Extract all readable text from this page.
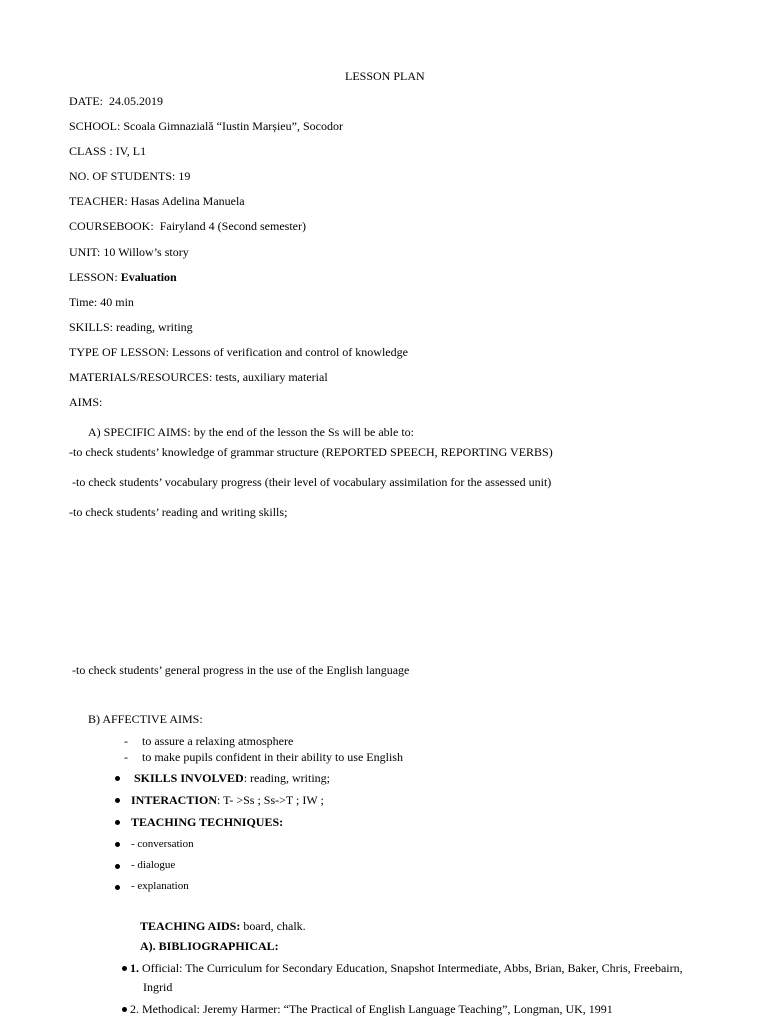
LESSON PLAN
DATE: 24.05.2019
SCHOOL: Scoala Gimnazială “Iustin Marșieu”, Socodor
CLASS : IV, L1
NO. OF STUDENTS: 19
TEACHER: Hasas Adelina Manuela
COURSEBOOK: Fairyland 4 (Second semester)
UNIT: 10 Willow’s story
LESSON: Evaluation
Time: 40 min
SKILLS: reading, writing
TYPE OF LESSON: Lessons of verification and control of knowledge
MATERIALS/RESOURCES: tests, auxiliary material
AIMS:
A) SPECIFIC AIMS: by the end of the lesson the Ss will be able to:
-to check students’ knowledge of grammar structure (REPORTED SPEECH, REPORTING VERBS)
-to check students’ vocabulary progress (their level of vocabulary assimilation for the assessed unit)
-to check students’ reading and writing skills;
-to check students’ general progress in the use of the English language
B) AFFECTIVE AIMS:
- to assure a relaxing atmosphere
- to make pupils confident in their ability to use English
SKILLS INVOLVED: reading, writing;
INTERACTION: T- >Ss ; Ss->T ; IW ;
TEACHING TECHNIQUES:
- conversation
- dialogue
- explanation
TEACHING AIDS: board, chalk.
A). BIBLIOGRAPHICAL:
1. Official: The Curriculum for Secondary Education, Snapshot Intermediate, Abbs, Brian, Baker, Chris, Freebairn,
Ingrid
2. Methodical: Jeremy Harmer: “The Practical of English Language Teaching”, Longman, UK, 1991
